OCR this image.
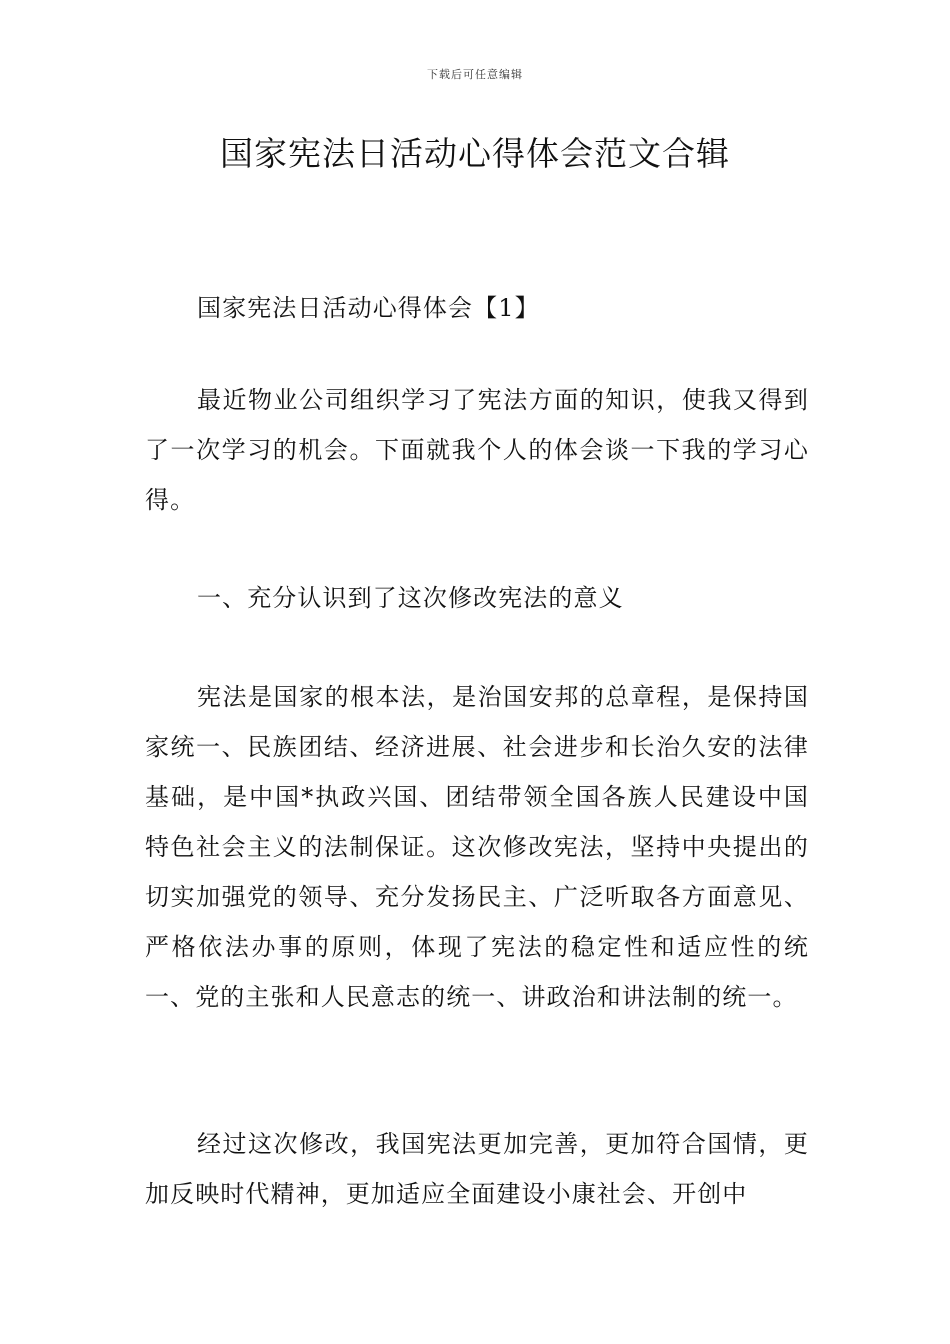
下载后可任意编辑
国家宪法日活动心得体会范文合辑

国家宪法日活动心得体会【1】

最近物业公司组织学习了宪法方面的知识，使我又得到了一次学习的机会。下面就我个人的体会谈一下我的学习心得。

一、充分认识到了这次修改宪法的意义

宪法是国家的根本法，是治国安邦的总章程，是保持国家统一、民族团结、经济进展、社会进步和长治久安的法律基础，是中国*执政兴国、团结带领全国各族人民建设中国特色社会主义的法制保证。这次修改宪法，坚持中央提出的切实加强党的领导、充分发扬民主、广泛听取各方面意见、严格依法办事的原则，体现了宪法的稳定性和适应性的统一、党的主张和人民意志的统一、讲政治和讲法制的统一。

经过这次修改，我国宪法更加完善，更加符合国情，更加反映时代精神，更加适应全面建设小康社会、开创中
